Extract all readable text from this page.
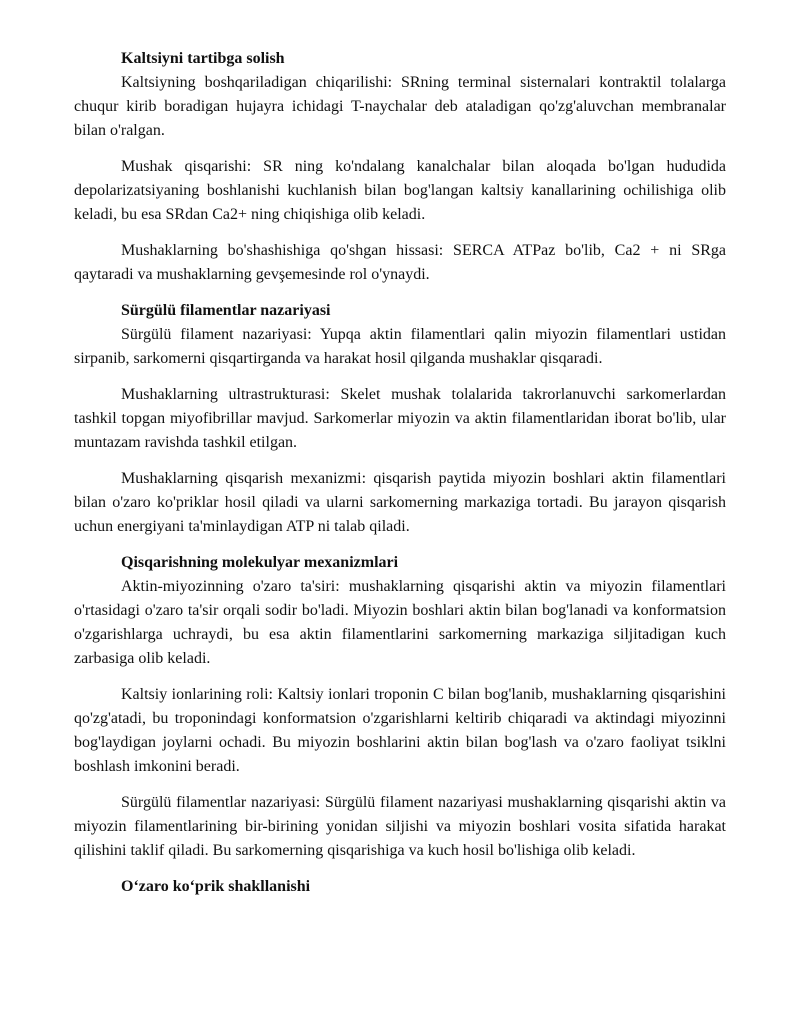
Kaltsiyni tartibga solish

Kaltsiyning boshqariladigan chiqarilishi: SRning terminal sisternalari kontraktil tolalarga chuqur kirib boradigan hujayra ichidagi T-naychalar deb ataladigan qo'zg'aluvchan membranalar bilan o'ralgan.

Mushak qisqarishi: SR ning ko'ndalang kanalchalar bilan aloqada bo'lgan hududida depolarizatsiyaning boshlanishi kuchlanish bilan bog'langan kaltsiy kanallarining ochilishiga olib keladi, bu esa SRdan Ca2+ ning chiqishiga olib keladi.

Mushaklarning bo'shashishiga qo'shgan hissasi: SERCA ATPaz bo'lib, Ca2 + ni SRga qaytaradi va mushaklarning gevşemesinde rol o'ynaydi.

Sürgülü filamentlar nazariyasi

Sürgülü filament nazariyasi: Yupqa aktin filamentlari qalin miyozin filamentlari ustidan sirpanib, sarkomerni qisqartirganda va harakat hosil qilganda mushaklar qisqaradi.

Mushaklarning ultrastrukturasi: Skelet mushak tolalarida takrorlanuvchi sarkomerlardan tashkil topgan miyofibrillar mavjud. Sarkomerlar miyozin va aktin filamentlaridan iborat bo'lib, ular muntazam ravishda tashkil etilgan.

Mushaklarning qisqarish mexanizmi: qisqarish paytida miyozin boshlari aktin filamentlari bilan o'zaro ko'priklar hosil qiladi va ularni sarkomerning markaziga tortadi. Bu jarayon qisqarish uchun energiyani ta'minlaydigan ATP ni talab qiladi.

Qisqarishning molekulyar mexanizmlari

Aktin-miyozinning o'zaro ta'siri: mushaklarning qisqarishi aktin va miyozin filamentlari o'rtasidagi o'zaro ta'sir orqali sodir bo'ladi. Miyozin boshlari aktin bilan bog'lanadi va konformatsion o'zgarishlarga uchraydi, bu esa aktin filamentlarini sarkomerning markaziga siljitadigan kuch zarbasiga olib keladi.

Kaltsiy ionlarining roli: Kaltsiy ionlari troponin C bilan bog'lanib, mushaklarning qisqarishini qo'zg'atadi, bu troponindagi konformatsion o'zgarishlarni keltirib chiqaradi va aktindagi miyozinni bog'laydigan joylarni ochadi. Bu miyozin boshlarini aktin bilan bog'lash va o'zaro faoliyat tsiklni boshlash imkonini beradi.

Sürgülü filamentlar nazariyasi: Sürgülü filament nazariyasi mushaklarning qisqarishi aktin va miyozin filamentlarining bir-birining yonidan siljishi va miyozin boshlari vosita sifatida harakat qilishini taklif qiladi. Bu sarkomerning qisqarishiga va kuch hosil bo'lishiga olib keladi.

O‘zaro ko‘prik shakllanishi
